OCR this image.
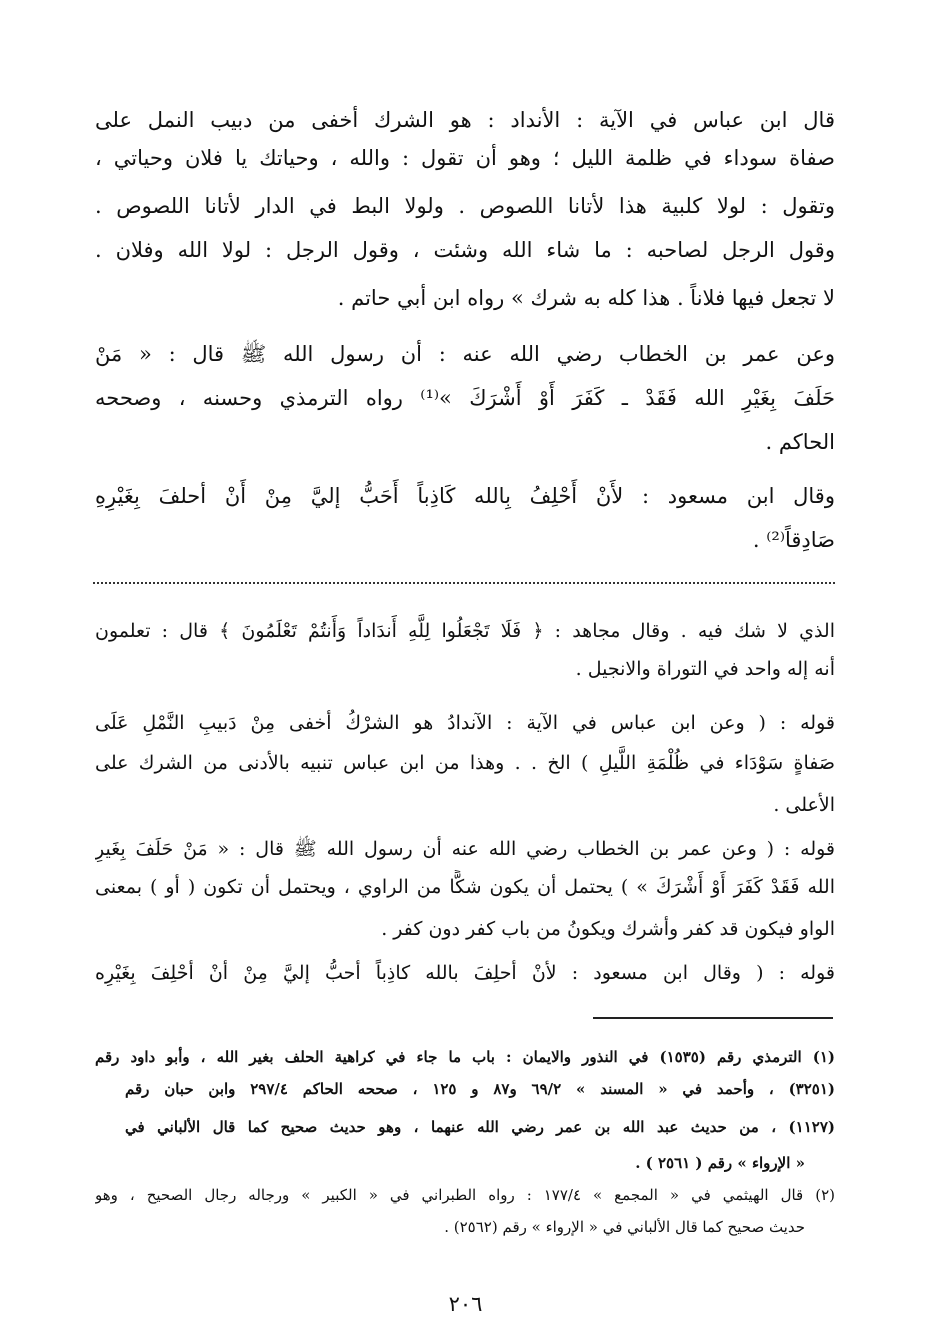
قال ابن عباس في الآية : الأنداد : هو الشرك أخفى من دبيب النمل على
صفاة سوداء في ظلمة الليل ؛ وهو أن تقول : والله ، وحياتك يا فلان وحياتي ،
وتقول : لولا كلبية هذا لأتانا اللصوص . ولولا البط في الدار لأتانا اللصوص .
وقول الرجل لصاحبه : ما شاء الله وشئت ، وقول الرجل : لولا الله وفلان .
لا تجعل فيها فلاناً . هذا كله به شرك » رواه ابن أبي حاتم .
وعن عمر بن الخطاب رضي الله عنه : أن رسول الله ﷺ قال : « مَنْ
حَلَفَ بِغَيْرِ الله فَقَدْ ـ كَفَرَ أَوْ أَشْرَكَ »⁽¹⁾ رواه الترمذي وحسنه ، وصححه
الحاكم .
وقال ابن مسعود : لأَنْ أَحْلِفُ بِالله كَاذِباً أَحَبُّ إليَّ مِنْ أَنْ أحلفَ بِغَيْرِهِ
صَادِقاً⁽²⁾ .
الذي لا شك فيه . وقال مجاهد : ﴿ فَلَا تَجْعَلُوا لِلَّهِ أَندَاداً وَأَنتُمْ تَعْلَمُونَ ﴾ قال : تعلمون
أنه إله واحد في التوراة والانجيل .
قوله : ( وعن ابن عباس في الآية : الآندادُ هو الشرْكُ أخفى مِنْ دَبيبِ النَّمْلِ عَلَى
صَفاةٍ سَوْدَاء في ظُلْمَةِ اللَّيلِ ) الخ . . وهذا من ابن عباس تنبيه بالأدنى من الشرك على
الأعلى .
قوله : ( وعن عمر بن الخطاب رضي الله عنه أن رسول الله ﷺ قال : « مَنْ حَلَفَ بِغَيرِ
الله فَقَدْ كَفَرَ أَوْ أَشْرَكَ » ) يحتمل أن يكون شكًّا من الراوي ، ويحتمل أن تكون ( أو ) بمعنى
الواو فيكون قد كفر وأشرك ويكونُ من باب كفر دون كفر .
قوله : ( وقال ابن مسعود : لأنْ أحلِفَ بالله كاذِباً أحبُّ إليَّ مِنْ أنْ أحْلِفَ بِغَيْرِه
(١) الترمذي رقم (١٥٣٥) في النذور والايمان : باب ما جاء في كراهية الحلف بغير الله ، وأبو داود رقم
(٣٢٥١) ، وأحمد في « المسند » ٦٩/٢ و٨٧ و ١٢٥ ، صححه الحاكم ٢٩٧/٤ وابن حبان رقم
(١١٢٧) ، من حديث عبد الله بن عمر رضي الله عنهما ، وهو حديث صحيح كما قال الألباني في
« الإرواء » رقم ( ٢٥٦١ ) .
(٢) قال الهيثمي في « المجمع » ١٧٧/٤ : رواه الطبراني في « الكبير » ورجاله رجال الصحيح ، وهو
حديث صحيح كما قال الألباني في « الإرواء » رقم (٢٥٦٢) .
٢٠٦
